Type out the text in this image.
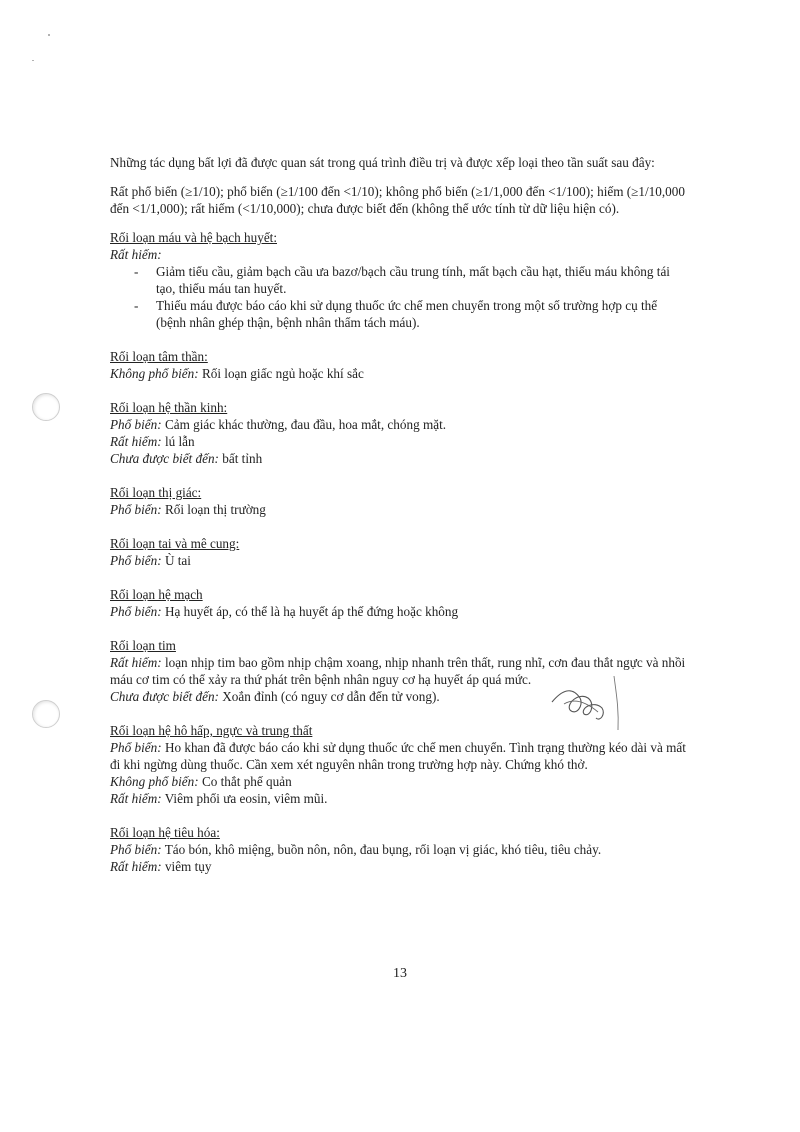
Những tác dụng bất lợi đã được quan sát trong quá trình điều trị và được xếp loại theo tần suất sau đây:

Rất phổ biến (≥1/10); phổ biến (≥1/100 đến <1/10); không phổ biến (≥1/1,000 đến <1/100); hiếm (≥1/10,000 đến <1/1,000); rất hiếm (<1/10,000); chưa được biết đến (không thể ước tính từ dữ liệu hiện có).

Rối loạn máu và hệ bạch huyết:

Rất hiếm:

- Giảm tiểu cầu, giảm bạch cầu ưa bazơ/bạch cầu trung tính, mất bạch cầu hạt, thiếu máu không tái tạo, thiếu máu tan huyết.
- Thiếu máu được báo cáo khi sử dụng thuốc ức chế men chuyển trong một số trường hợp cụ thể (bệnh nhân ghép thận, bệnh nhân thẩm tách máu).

Rối loạn tâm thần:

Không phổ biến: Rối loạn giấc ngủ hoặc khí sắc

Rối loạn hệ thần kinh:

Phổ biến: Cảm giác khác thường, đau đầu, hoa mắt, chóng mặt.

Rất hiếm: lú lẫn

Chưa được biết đến: bất tỉnh

Rối loạn thị giác:

Phổ biến: Rối loạn thị trường

Rối loạn tai và mê cung:

Phổ biến: Ù tai

Rối loạn hệ mạch

Phổ biến: Hạ huyết áp, có thể là hạ huyết áp thế đứng hoặc không

Rối loạn tim

Rất hiếm: loạn nhịp tim bao gồm nhịp chậm xoang, nhịp nhanh trên thất, rung nhĩ, cơn đau thắt ngực và nhồi máu cơ tim có thể xảy ra thứ phát trên bệnh nhân nguy cơ hạ huyết áp quá mức.

Chưa được biết đến: Xoắn đỉnh (có nguy cơ dẫn đến tử vong).

Rối loạn hệ hô hấp, ngực và trung thất

Phổ biến: Ho khan đã được báo cáo khi sử dụng thuốc ức chế men chuyển. Tình trạng thường kéo dài và mất đi khi ngừng dùng thuốc. Cần xem xét nguyên nhân trong trường hợp này. Chứng khó thở.

Không phổ biến: Co thắt phế quản

Rất hiếm: Viêm phổi ưa eosin, viêm mũi.

Rối loạn hệ tiêu hóa:

Phổ biến: Táo bón, khô miệng, buồn nôn, nôn, đau bụng, rối loạn vị giác, khó tiêu, tiêu chảy.

Rất hiếm: viêm tụy

13
